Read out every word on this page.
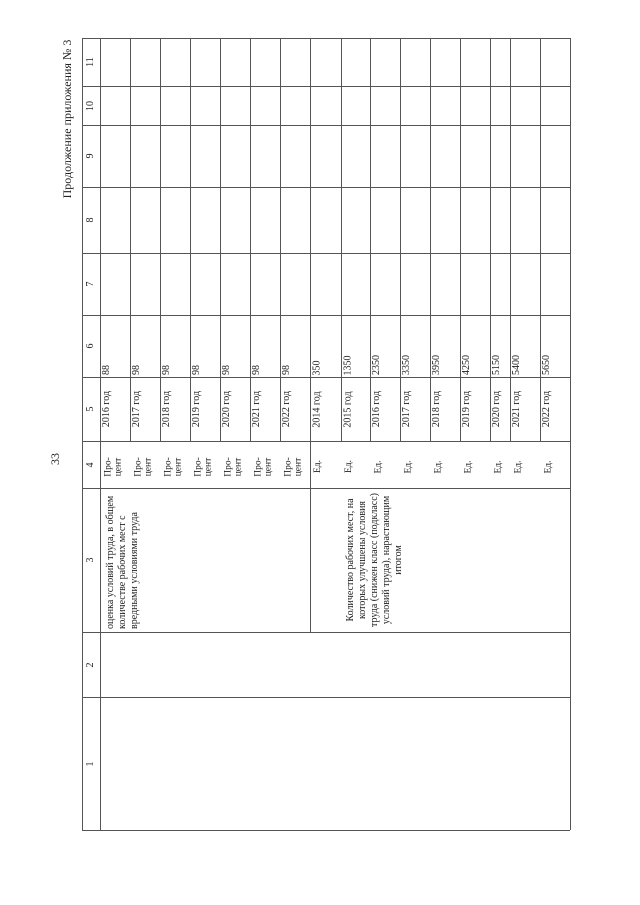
33
Продолжение приложения № 3
1
2
3
4
5
6
7
8
9
10
11
оценка условий труда, в общем количестве рабочих мест с вредными условиями труда	Количество рабочих мест, на которых улучшены условия труда (снижен класс (подкласс) условий труда), нарастающим итогом
Про-
цент
2016 год
88
Про-
цент
2017 год
98
Про-
цент
2018 год
98
Про-
цент
2019 год
98
Про-
цент
2020 год
98
Про-
цент
2021 год
98
Про-
цент
2022 год
98
Ед.
2014 год
350
Ед.
2015 год
1350
Ед.
2016 год
2350
Ед.
2017 год
3350
Ед.
2018 год
3950
Ед.
2019 год
4250
Ед.
2020 год
5150
Ед.
2021 год
5400
Ед.
2022 год
5650
